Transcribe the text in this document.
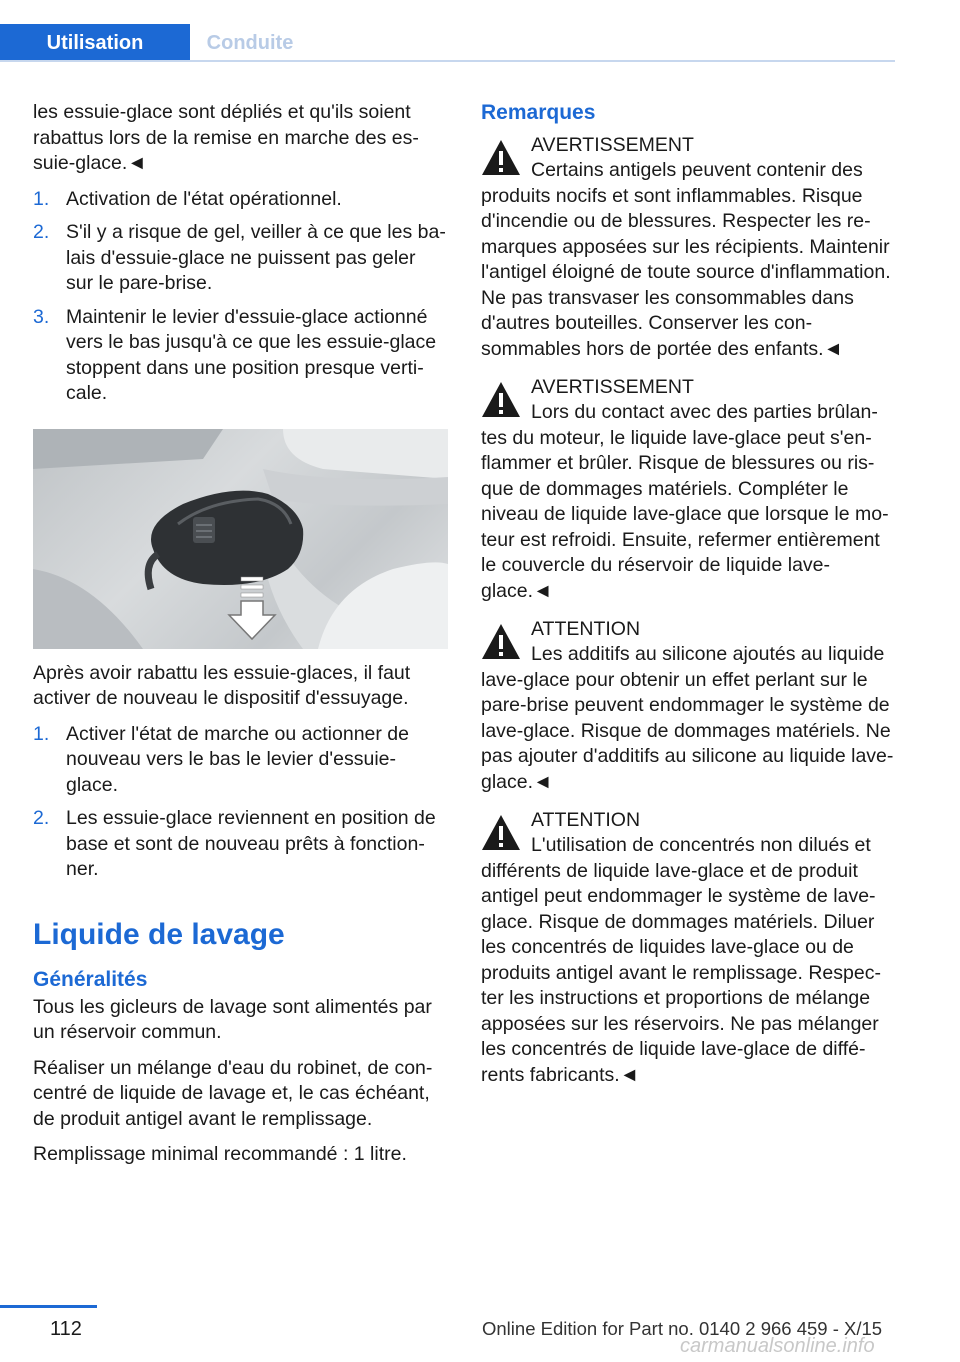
Utilisation	Conduite

les essuie-glace sont dépliés et qu'ils soient rabattus lors de la remise en marche des essuie-glace.◄

1. Activation de l'état opérationnel.
2. S'il y a risque de gel, veiller à ce que les balais d'essuie-glace ne puissent pas geler sur le pare-brise.
3. Maintenir le levier d'essuie-glace actionné vers le bas jusqu'à ce que les essuie-glace stoppent dans une position presque verticale.

Après avoir rabattu les essuie-glaces, il faut activer de nouveau le dispositif d'essuyage.

1. Activer l'état de marche ou actionner de nouveau vers le bas le levier d'essuie-glace.
2. Les essuie-glace reviennent en position de base et sont de nouveau prêts à fonctionner.
Liquide de lavage
Généralités

Tous les gicleurs de lavage sont alimentés par un réservoir commun.

Réaliser un mélange d'eau du robinet, de concentré de liquide de lavage et, le cas échéant, de produit antigel avant le remplissage.

Remplissage minimal recommandé : 1 litre.

Remarques
AVERTISSEMENT
Certains antigels peuvent contenir des
produits nocifs et sont inflammables. Risque d'incendie ou de blessures. Respecter les remarques apposées sur les récipients. Maintenir l'antigel éloigné de toute source d'inflammation. Ne pas transvaser les consommables dans d'autres bouteilles. Conserver les consommables hors de portée des enfants.◄
AVERTISSEMENT
Lors du contact avec des parties brûlan-
tes du moteur, le liquide lave-glace peut s'enflammer et brûler. Risque de blessures ou risque de dommages matériels. Compléter le niveau de liquide lave-glace que lorsque le moteur est refroidi. Ensuite, refermer entièrement le couvercle du réservoir de liquide lave-glace.◄
ATTENTION
Les additifs au silicone ajoutés au liquide
lave-glace pour obtenir un effet perlant sur le pare-brise peuvent endommager le système de lave-glace. Risque de dommages matériels. Ne pas ajouter d'additifs au silicone au liquide lave-glace.◄
ATTENTION
L'utilisation de concentrés non dilués et
différents de liquide lave-glace et de produit antigel peut endommager le système de lave-glace. Risque de dommages matériels. Diluer les concentrés de liquides lave-glace ou de produits antigel avant le remplissage. Respecter les instructions et proportions de mélange apposées sur les réservoirs. Ne pas mélanger les concentrés de liquide lave-glace de différents fabricants.◄
112	Online Edition for Part no. 0140 2 966 459 - X/15
carmanualsonline.info
